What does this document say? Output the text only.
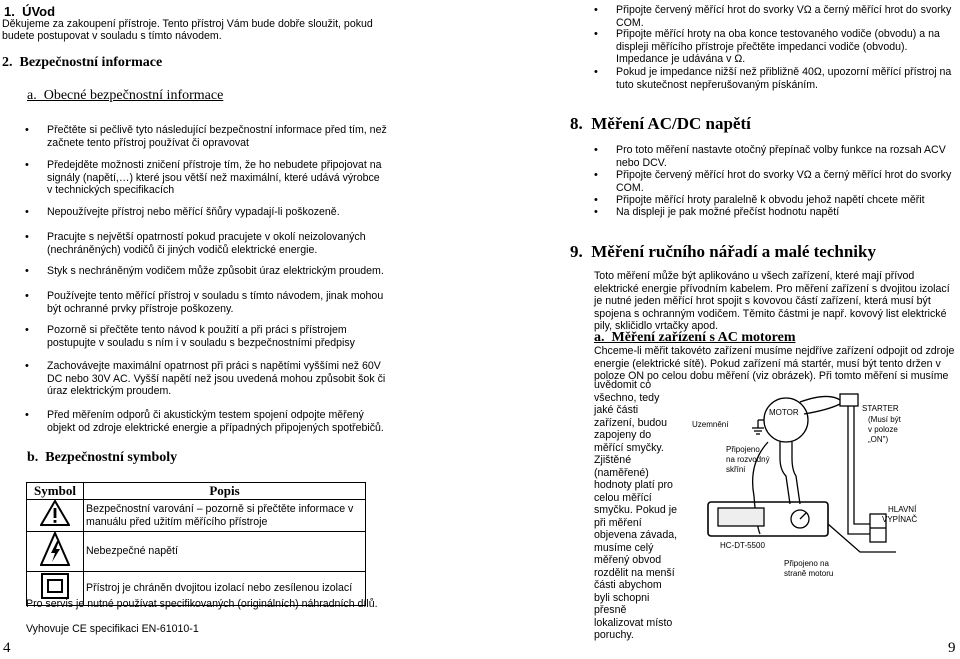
1.  ÚVod
Děkujeme za zakoupení přístroje. Tento přístroj Vám bude dobře sloužit, pokud
budete postupovat v souladu s tímto návodem.
2.  Bezpečnostní informace
a.  Obecné bezpečnostní informace
• Přečtěte si pečlivě tyto následující bezpečnostní informace před tím, než začnete tento přístroj používat či opravovat
• Předejděte možnosti zničení přístroje tím, že ho nebudete připojovat na signály (napětí,…) které jsou větší než maximální, které udává výrobce v technických specifikacích
• Nepoužívejte přístroj nebo měřící šňůry vypadají-li poškozeně.
• Pracujte s největší opatrností pokud pracujete v okolí neizolovaných (nechráněných) vodičů či jiných vodičů elektrické energie.
• Styk s nechráněným vodičem může způsobit úraz elektrickým proudem.
• Používejte tento měřící přístroj v souladu s tímto návodem, jinak mohou být ochranné prvky přístroje poškozeny.
• Pozorně si přečtěte tento návod k použití a při práci s přístrojem postupujte v souladu s ním i v souladu s bezpečnostními předpisy
• Zachovávejte maximální opatrnost při práci s napětími vyššími než 60V DC nebo 30V AC. Vyšší napětí než jsou uvedená mohou způsobit šok či úraz elektrickým proudem.
• Před měřením odporů či akustickým testem spojení odpojte měřený objekt od zdroje elektrické energie a případných připojených spotřebičů.
b.  Bezpečnostní symboly
Symbol	Popis
	Bezpečnostní varování – pozorně si přečtěte informace v manuálu před užitím měřícího přístroje
	Nebezpečné napětí
	Přístroj je chráněn dvojitou izolací nebo zesílenou izolací
Pro servis je nutné používat specifikovaných (originálních) náhradních dílů.
Vyhovuje CE specifikaci EN-61010-1
4
• Připojte červený měřící hrot do svorky VΩ a černý měřící hrot do svorky COM.
• Připojte měřící hroty na oba konce testovaného vodiče (obvodu) a na displeji měřícího přístroje přečtěte impedanci vodiče (obvodu). Impedance je udávána v Ω.
• Pokud je impedance nižší než přibližně 40Ω, upozorní měřící přístroj na tuto skutečnost nepřerušovaným pískáním.
8.  Měření AC/DC napětí
• Pro toto měření nastavte otočný přepínač volby funkce na rozsah ACV nebo DCV.
• Připojte červený měřící hrot do svorky VΩ a černý měřící hrot do svorky COM.
• Připojte měřící hroty paralelně k obvodu jehož napětí chcete měřit
• Na displeji je pak možné přečíst hodnotu napětí
9.  Měření ručního nářadí a malé techniky
Toto měření může být aplikováno u všech zařízení, které mají přívod elektrické energie přívodním kabelem. Pro měření zařízení s dvojitou izolací je nutné jeden měřící hrot spojit s kovovou částí zařízení, která musí být spojena s ochranným vodičem. Těmito částmi je např. kovový list elektrické pily, skličidlo vrtačky apod.
a.  Měření zařízení s AC motorem
Chceme-li měřit takovéto zařízení musíme nejdříve zařízení odpojit od zdroje energie (elektrické sítě). Pokud zařízení má startér, musí být tento držen v poloze ON po celou dobu měření (viz obrázek). Při tomto měření si musíme
uvědomit co
všechno, tedy
jaké části
zařízení, budou
zapojeny do
měřící smyčky.
Zjištěné
(naměřené)
hodnoty platí pro
celou měřící
smyčku. Pokud je
při měření
objevena závada,
musíme celý
měřený obvod
rozdělit na menší
části abychom
byli schopni
přesně
lokalizovat místo
poruchy.
MOTOR	STARTER
(Musí být
v poloze
„ON")
Uzemnění
Připojeno
na rozvodný
skříni
HLAVNÍ
VYPÍNAČ
HC-DT-5500
Připojeno na
straně motoru
9
